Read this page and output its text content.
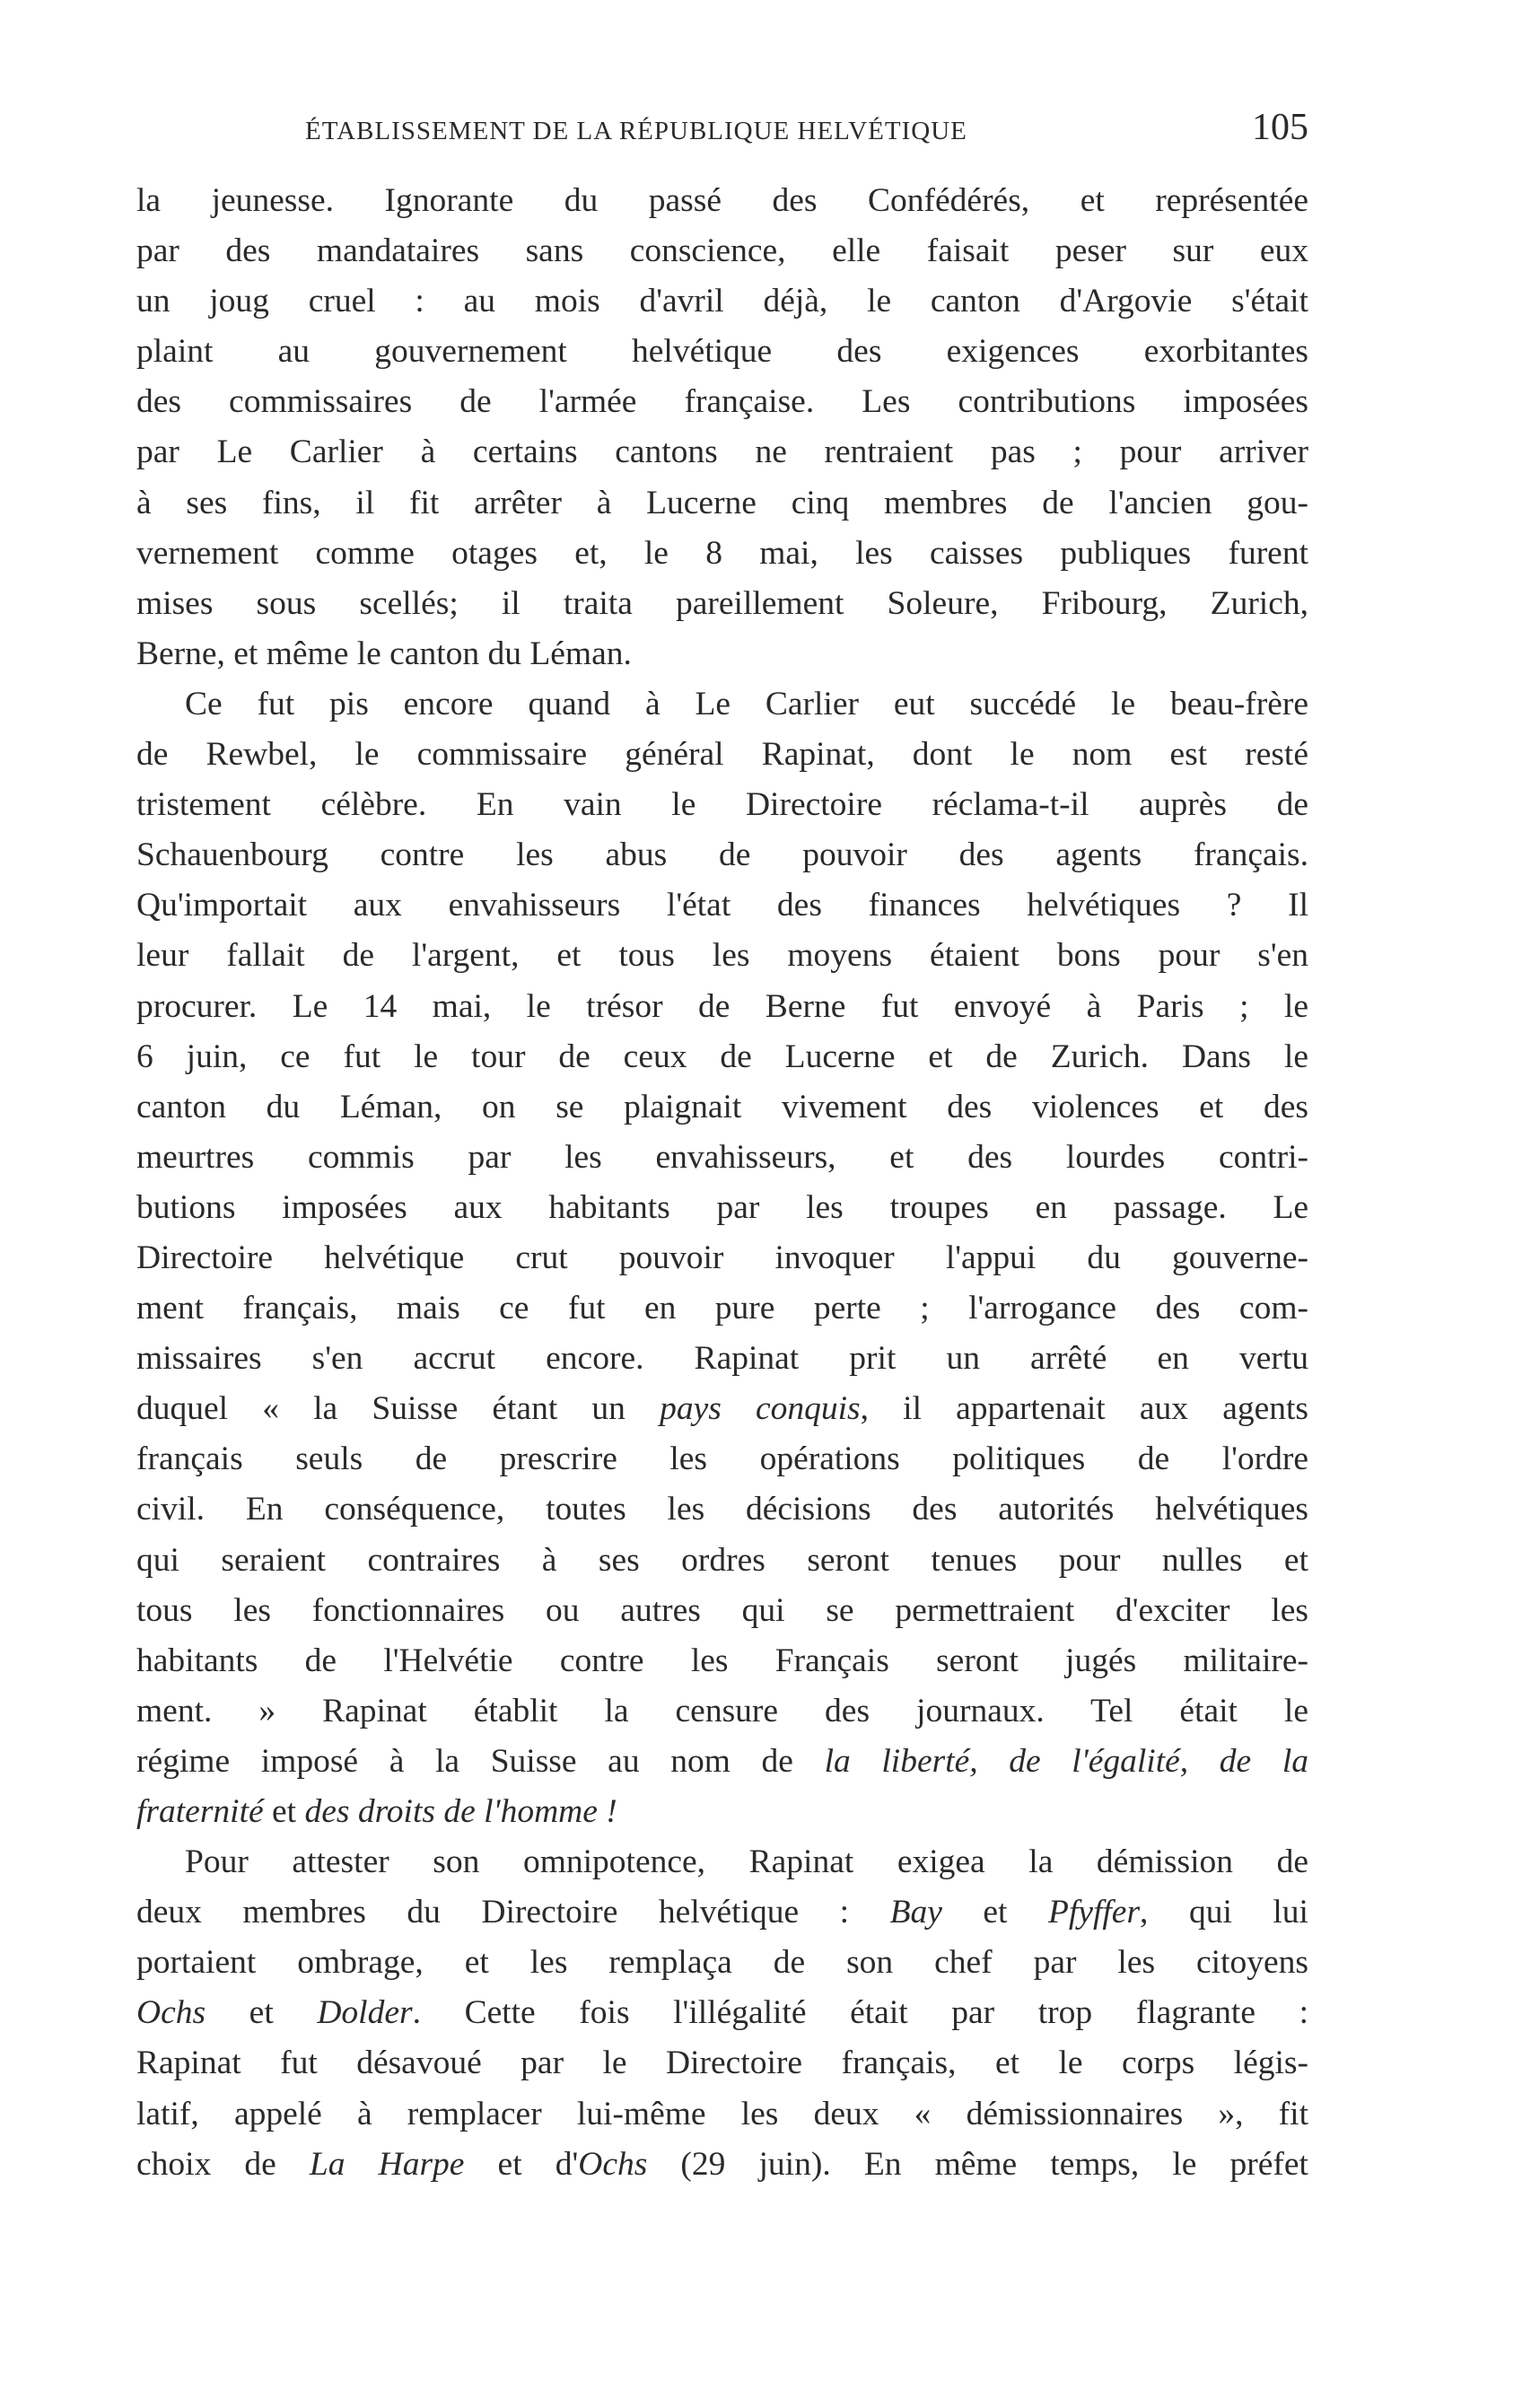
ÉTABLISSEMENT DE LA RÉPUBLIQUE HELVÉTIQUE	105
la jeunesse. Ignorante du passé des Confédérés, et représentée
par des mandataires sans conscience, elle faisait peser sur eux
un joug cruel : au mois d'avril déjà, le canton d'Argovie s'était
plaint au gouvernement helvétique des exigences exorbitantes
des commissaires de l'armée française. Les contributions imposées
par Le Carlier à certains cantons ne rentraient pas ; pour arriver
à ses fins, il fit arrêter à Lucerne cinq membres de l'ancien gou-
vernement comme otages et, le 8 mai, les caisses publiques furent
mises sous scellés; il traita pareillement Soleure, Fribourg, Zurich,
Berne, et même le canton du Léman.
Ce fut pis encore quand à Le Carlier eut succédé le beau-frère
de Rewbel, le commissaire général Rapinat, dont le nom est resté
tristement célèbre. En vain le Directoire réclama-t-il auprès de
Schauenbourg contre les abus de pouvoir des agents français.
Qu'importait aux envahisseurs l'état des finances helvétiques ? Il
leur fallait de l'argent, et tous les moyens étaient bons pour s'en
procurer. Le 14 mai, le trésor de Berne fut envoyé à Paris ; le
6 juin, ce fut le tour de ceux de Lucerne et de Zurich. Dans le
canton du Léman, on se plaignait vivement des violences et des
meurtres commis par les envahisseurs, et des lourdes contri-
butions imposées aux habitants par les troupes en passage. Le
Directoire helvétique crut pouvoir invoquer l'appui du gouverne-
ment français, mais ce fut en pure perte ; l'arrogance des com-
missaires s'en accrut encore. Rapinat prit un arrêté en vertu
duquel « la Suisse étant un pays conquis, il appartenait aux agents
français seuls de prescrire les opérations politiques de l'ordre
civil. En conséquence, toutes les décisions des autorités helvétiques
qui seraient contraires à ses ordres seront tenues pour nulles et
tous les fonctionnaires ou autres qui se permettraient d'exciter les
habitants de l'Helvétie contre les Français seront jugés militaire-
ment. » Rapinat établit la censure des journaux. Tel était le
régime imposé à la Suisse au nom de la liberté, de l'égalité, de la
fraternité et des droits de l'homme !
Pour attester son omnipotence, Rapinat exigea la démission de
deux membres du Directoire helvétique : Bay et Pfyffer, qui lui
portaient ombrage, et les remplaça de son chef par les citoyens
Ochs et Dolder. Cette fois l'illégalité était par trop flagrante :
Rapinat fut désavoué par le Directoire français, et le corps légis-
latif, appelé à remplacer lui-même les deux « démissionnaires », fit
choix de La Harpe et d'Ochs (29 juin). En même temps, le préfet
